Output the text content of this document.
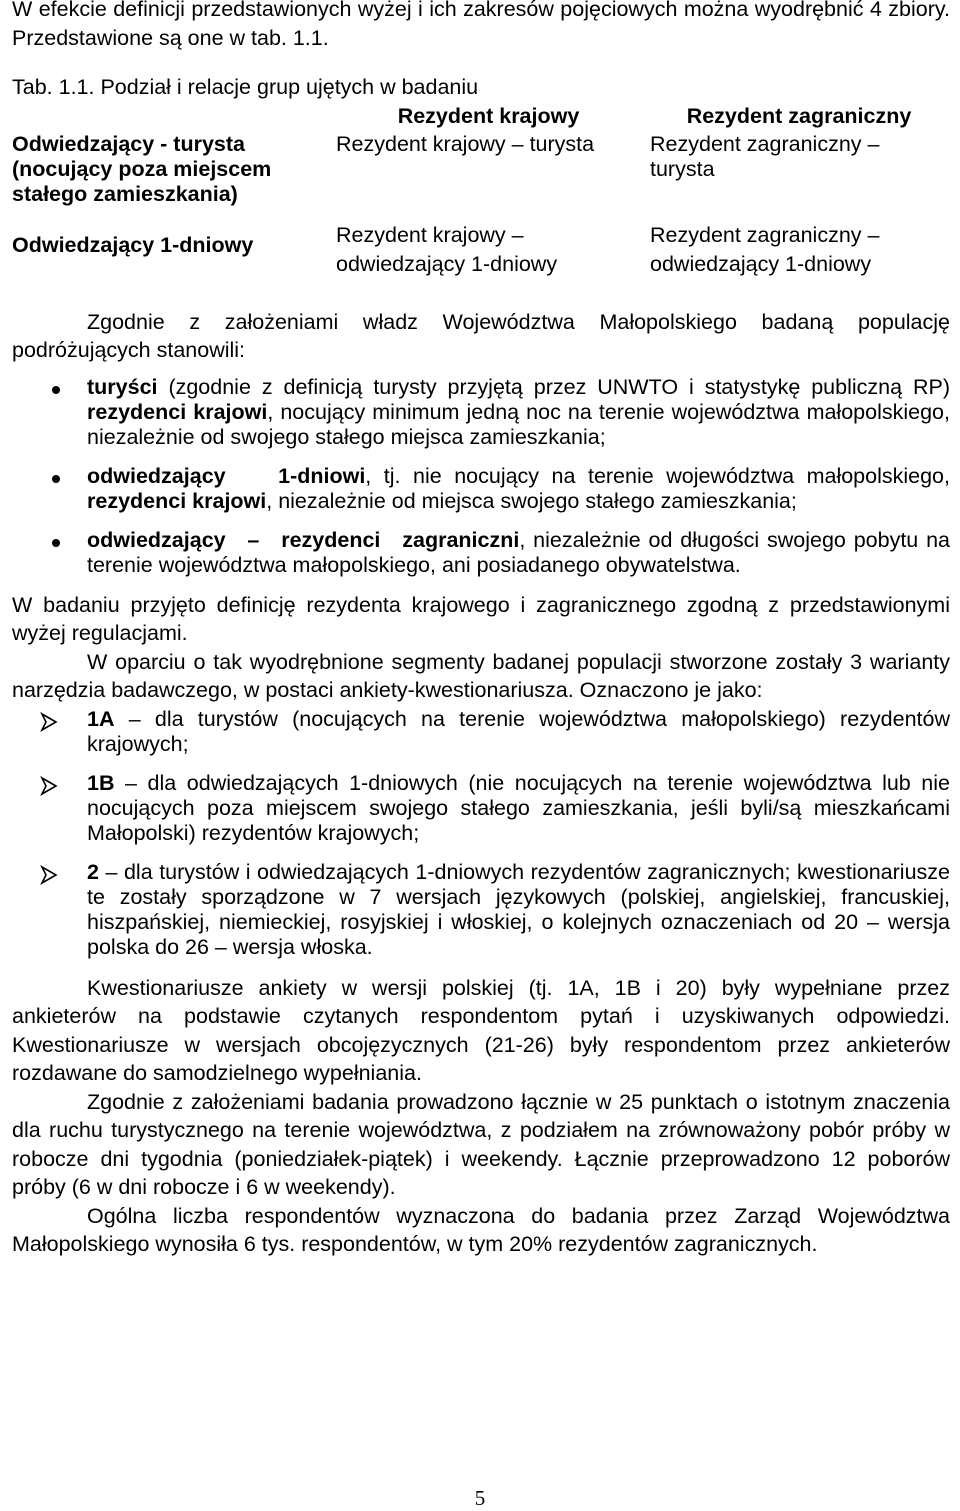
W efekcie definicji przedstawionych wyżej i ich zakresów pojęciowych można wyodrębnić 4 zbiory. Przedstawione są one w tab. 1.1.

Tab. 1.1. Podział i relacje grup ujętych w badaniu

	Rezydent krajowy	Rezydent zagraniczny
Odwiedzający - turysta (nocujący poza miejscem stałego zamieszkania)	Rezydent krajowy – turysta	Rezydent zagraniczny – turysta
Odwiedzający 1-dniowy	Rezydent krajowy – odwiedzający 1-dniowy	Rezydent zagraniczny – odwiedzający 1-dniowy

Zgodnie z założeniami władz Województwa Małopolskiego badaną populację podróżujących stanowili:

turyści (zgodnie z definicją turysty przyjętą przez UNWTO i statystykę publiczną RP) rezydenci krajowi, nocujący minimum jedną noc na terenie województwa małopolskiego, niezależnie od swojego stałego miejsca zamieszkania;
odwiedzający 1-dniowi, tj. nie nocujący na terenie województwa małopolskiego, rezydenci krajowi, niezależnie od miejsca swojego stałego zamieszkania;
odwiedzający – rezydenci zagraniczni, niezależnie od długości swojego pobytu na terenie województwa małopolskiego, ani posiadanego obywatelstwa.

W badaniu przyjęto definicję rezydenta krajowego i zagranicznego zgodną z przedstawionymi wyżej regulacjami.

W oparciu o tak wyodrębnione segmenty badanej populacji stworzone zostały 3 warianty narzędzia badawczego, w postaci ankiety-kwestionariusza. Oznaczono je jako:

1A – dla turystów (nocujących na terenie województwa małopolskiego) rezydentów krajowych;
1B – dla odwiedzających 1-dniowych (nie nocujących na terenie województwa lub nie nocujących poza miejscem swojego stałego zamieszkania, jeśli byli/są mieszkańcami Małopolski) rezydentów krajowych;
2 – dla turystów i odwiedzających 1-dniowych rezydentów zagranicznych; kwestionariusze te zostały sporządzone w 7 wersjach językowych (polskiej, angielskiej, francuskiej, hiszpańskiej, niemieckiej, rosyjskiej i włoskiej, o kolejnych oznaczeniach od 20 – wersja polska do 26 – wersja włoska.

Kwestionariusze ankiety w wersji polskiej (tj. 1A, 1B i 20) były wypełniane przez ankieterów na podstawie czytanych respondentom pytań i uzyskiwanych odpowiedzi. Kwestionariusze w wersjach obcojęzycznych (21-26) były respondentom przez ankieterów rozdawane do samodzielnego wypełniania.

Zgodnie z założeniami badania prowadzono łącznie w 25 punktach o istotnym znaczenia dla ruchu turystycznego na terenie województwa, z podziałem na zrównoważony pobór próby w robocze dni tygodnia (poniedziałek-piątek) i weekendy. Łącznie przeprowadzono 12 poborów próby (6 w dni robocze i 6 w weekendy).

Ogólna liczba respondentów wyznaczona do badania przez Zarząd Województwa Małopolskiego wynosiła 6 tys. respondentów, w tym 20% rezydentów zagranicznych.

5
